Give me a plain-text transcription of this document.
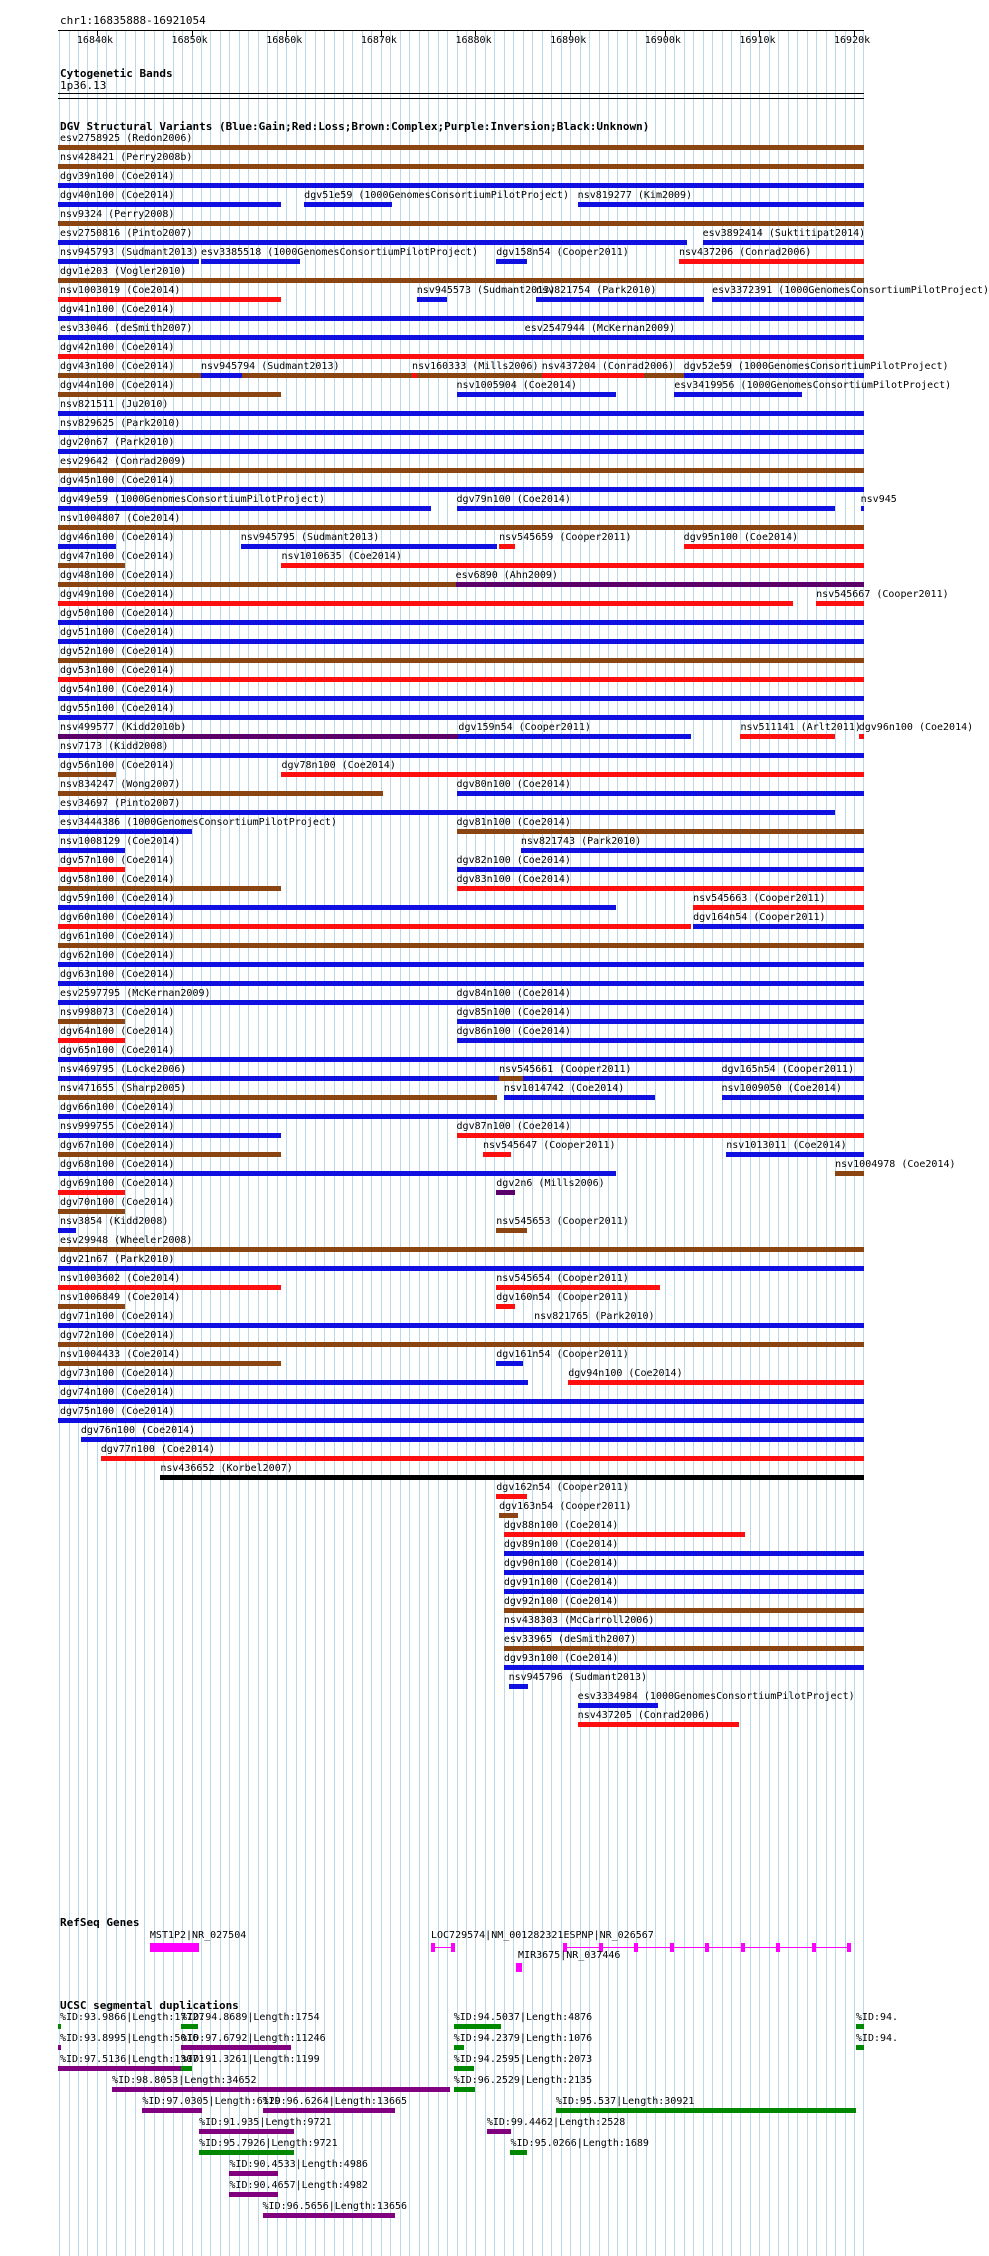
chr1:16835888-16921054
16840k	16850k	16860k	16870k	16880k	16890k	16900k	16910k	16920k
Cytogenetic Bands
1p36.13
DGV Structural Variants (Blue:Gain;Red:Loss;Brown:Complex;Purple:Inversion;Black:Unknown)
esv2758925 (Redon2006)
nsv428421 (Perry2008b)
dgv39n100 (Coe2014)
dgv40n100 (Coe2014)	dgv51e59 (1000GenomesConsortiumPilotProject) nsv819277 (Kim2009)
nsv9324 (Perry2008)
esv2750816 (Pinto2007)	esv3892414 (Suktitipat2014)
nsv945793 (Sudmant2013) esv3385518 (1000GenomesConsortiumPilotProject) dgv158n54 (Cooper2011)	nsv437206 (Conrad2006)
dgv1e203 (Vogler2010)
nsv1003019 (Coe2014)	nsv945573 (Sudmant2013)
nsv821754 (Park2010)	esv3372391 (1000GenomesConsortiumPilotProject)
dgv41n100 (Coe2014)
esv33046 (deSmith2007)	esv2547944 (McKernan2009)
dgv42n100 (Coe2014)
dgv43n100 (Coe2014)	nsv945794 (Sudmant2013)	nsv160333 (Mills2006) nsv437204 (Conrad2006) dgv52e59 (1000GenomesConsortiumPilotProject)
dgv44n100 (Coe2014)	nsv1005904 (Coe2014)	esv3419956 (1000GenomesConsortiumPilotProject)
nsv821511 (Ju2010)
nsv829625 (Park2010)
dgv20n67 (Park2010)
esv29642 (Conrad2009)
dgv45n100 (Coe2014)
dgv49e59 (1000GenomesConsortiumPilotProject)	dgv79n100 (Coe2014)	nsv945
nsv1004807 (Coe2014)
dgv46n100 (Coe2014)	nsv945795 (Sudmant2013)	nsv545659 (Cooper2011)	dgv95n100 (Coe2014)
dgv47n100 (Coe2014)	nsv1010635 (Coe2014)
dgv48n100 (Coe2014)	esv6890 (Ahn2009)
dgv49n100 (Coe2014)	nsv545667 (Cooper2011)
dgv50n100 (Coe2014)
dgv51n100 (Coe2014)
dgv52n100 (Coe2014)
dgv53n100 (Coe2014)
dgv54n100 (Coe2014)
dgv55n100 (Coe2014)
nsv499577 (Kidd2010b)	dgv159n54 (Cooper2011)	nsv511141 (Arlt2011)
dgv96n100 (Coe2014)
nsv7173 (Kidd2008)
dgv56n100 (Coe2014)	dgv78n100 (Coe2014)
nsv834247 (Wong2007)	dgv80n100 (Coe2014)
esv34697 (Pinto2007)
esv3444386 (1000GenomesConsortiumPilotProject)	dgv81n100 (Coe2014)
nsv1008129 (Coe2014)	nsv821743 (Park2010)
dgv57n100 (Coe2014)	dgv82n100 (Coe2014)
dgv58n100 (Coe2014)	dgv83n100 (Coe2014)
dgv59n100 (Coe2014)	nsv545663 (Cooper2011)
dgv60n100 (Coe2014)	dgv164n54 (Cooper2011)
dgv61n100 (Coe2014)
dgv62n100 (Coe2014)
dgv63n100 (Coe2014)
esv2597795 (McKernan2009)	dgv84n100 (Coe2014)
nsv998073 (Coe2014)	dgv85n100 (Coe2014)
dgv64n100 (Coe2014)	dgv86n100 (Coe2014)
dgv65n100 (Coe2014)
nsv469795 (Locke2006)	nsv545661 (Cooper2011)	dgv165n54 (Cooper2011)
nsv471655 (Sharp2005)	nsv1014742 (Coe2014)	nsv1009050 (Coe2014)
dgv66n100 (Coe2014)
nsv999755 (Coe2014)	dgv87n100 (Coe2014)
dgv67n100 (Coe2014)	nsv545647 (Cooper2011)	nsv1013011 (Coe2014)
dgv68n100 (Coe2014)	nsv1004978 (Coe2014)
dgv69n100 (Coe2014)	dgv2n6 (Mills2006)
dgv70n100 (Coe2014)
nsv3854 (Kidd2008)	nsv545653 (Cooper2011)
esv29948 (Wheeler2008)
dgv21n67 (Park2010)
nsv1003602 (Coe2014)	nsv545654 (Cooper2011)
nsv1006849 (Coe2014)	dgv160n54 (Cooper2011)
dgv71n100 (Coe2014)	nsv821765 (Park2010)
dgv72n100 (Coe2014)
nsv1004433 (Coe2014)	dgv161n54 (Cooper2011)
dgv73n100 (Coe2014)	dgv94n100 (Coe2014)
dgv74n100 (Coe2014)
dgv75n100 (Coe2014)
dgv76n100 (Coe2014)
dgv77n100 (Coe2014)
nsv436652 (Korbel2007)
dgv162n54 (Cooper2011)
dgv163n54 (Cooper2011)
dgv88n100 (Coe2014)
dgv89n100 (Coe2014)
dgv90n100 (Coe2014)
dgv91n100 (Coe2014)
dgv92n100 (Coe2014)
nsv438303 (McCarroll2006)
esv33965 (deSmith2007)
dgv93n100 (Coe2014)
nsv945796 (Sudmant2013)
esv3334984 (1000GenomesConsortiumPilotProject)
nsv437205 (Conrad2006)
RefSeq Genes
MST1P2|NR_027504	LOC729574|NM_001282321 ESPNP|NR_026567
MIR3675|NR_037446
UCSC segmental duplications
%ID:93.9866|Length:17727
%ID:94.8689|Length:1754	%ID:94.5037|Length:4876	%ID:94.
%ID:93.8995|Length:5016
%ID:97.6792|Length:11246	%ID:94.2379|Length:1076	%ID:94.
%ID:97.5136|Length:13071
%ID:91.3261|Length:1199	%ID:94.2595|Length:2073
%ID:98.8053|Length:34652	%ID:96.2529|Length:2135
%ID:97.0305|Length:6129
%ID:96.6264|Length:13665	%ID:95.537|Length:30921
%ID:91.935|Length:9721	%ID:99.4462|Length:2528
%ID:95.7926|Length:9721	%ID:95.0266|Length:1689
%ID:90.4533|Length:4986
%ID:90.4657|Length:4982
%ID:96.5656|Length:13656
